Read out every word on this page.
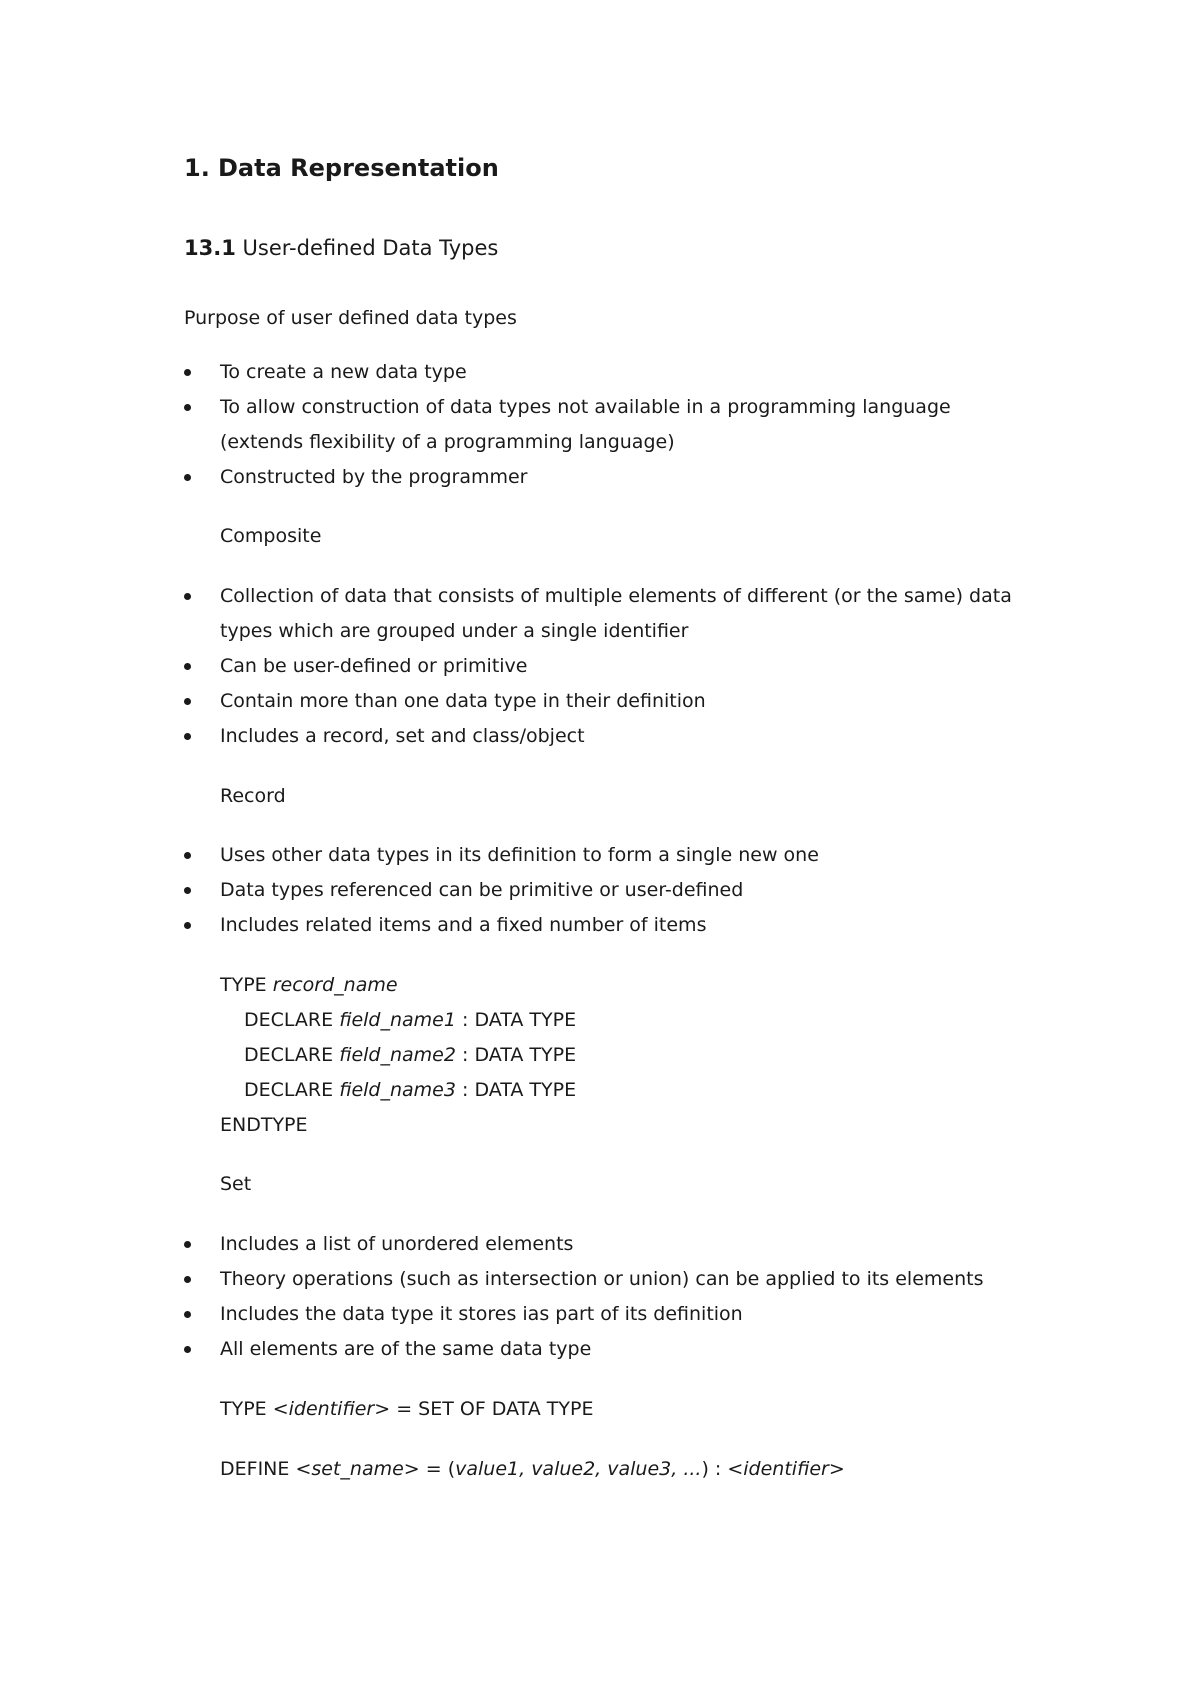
1. Data Representation
13.1 User-defined Data Types
Purpose of user defined data types
To create a new data type
To allow construction of data types not available in a programming language
(extends flexibility of a programming language)
Constructed by the programmer
Composite
Collection of data that consists of multiple elements of different (or the same) data
types which are grouped under a single identifier
Can be user-defined or primitive
Contain more than one data type in their definition
Includes a record, set and class/object
Record
Uses other data types in its definition to form a single new one
Data types referenced can be primitive or user-defined
Includes related items and a fixed number of items
TYPE record_name
DECLARE field_name1 : DATA TYPE
DECLARE field_name2 : DATA TYPE
DECLARE field_name3 : DATA TYPE
ENDTYPE
Set
Includes a list of unordered elements
Theory operations (such as intersection or union) can be applied to its elements
Includes the data type it stores ias part of its definition
All elements are of the same data type
TYPE <identifier> = SET OF DATA TYPE
DEFINE <set_name> = (value1, value2, value3, ...) : <identifier>
